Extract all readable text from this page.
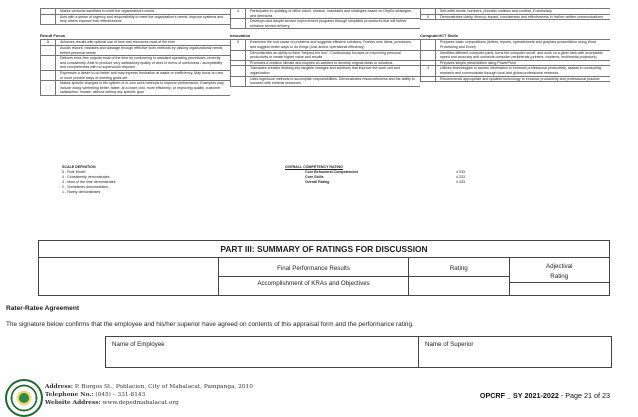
Makes personal sacrifices to meet the organization's needs
Acts with a sense of urgency and responsibility to meet the organization's needs, improve systems and help others improve their effectiveness
4	Participates in updating of office vision, mission, mandates and strategies based on DepEd strategies and directions
Develops and adopts service improvement programs through simplified procedures that will further enhance service delivery
Self-edits words, numbers, phonetic notation and content, if necessary
5	Demonstrates clarity, fluency, impact, conciseness and effectiveness in his/her written communications
Result Focus
5	Achieves results with optimal use of time and resources most of the time
Avoids rework, mistakes and wastage through effective work methods by placing organizational needs before personal needs
Delivers error-free outputs most of the time by conforming to standard operating procedures correctly and consistently. Able to produce very satisfactory quality of work in terms of usefulness / acceptability and completeness with no supervision required
Expresses a desire to do better and may express frustration at waste or inefficiency. May focus on new or more precise ways of meeting goals set
Makes specific changes in the system or in own work methods to improve performance. Examples may include doing something better, faster, at a lower cost, more efficiently; or improving quality, customer satisfaction, morale, without setting any specific goal
Innovation
5	Examines the root cause of problems and suggests effective solutions. Fosters new ideas, processes, and suggest better ways to do things (cost and/or operational efficiency)
Demonstrates an ability to think "beyond the box". Continuously focuses on improving personal productivity to create higher value and results
Promotes a creative climate and inspires co-workers to develop original ideas or solutions
Translates creative thinking into tangible changes and solutions that improve the work unit and organization
Uses ingenious methods to accomplish responsibilities. Demonstrates resourcefulness and the ability to succeed with minimal resources
Computer/ICT Skills
Prepares basic compositions (letters, reports, spreadsheets and graphics presentation using Word Processing and Excel)
Identifies different computer parts, turns the computer on/off, and work on a given task with acceptable speed and accuracy and connects computer peripherals (printers, modems, multimedia projectors)
Prepares simple presentation using PowerPoint
4	Utilizes technologies to access information to enhance professional productivity, assists in conducting research and communicate through local and global professional networks
Recommends appropriate and updated technology to enhance productivity and professional practice
SCALE DEFINITION
5 - Role Model
4 - Consistently demonstrates
3 - Most of the time demonstrates
2 - Sometimes demonstrates
1 - Rarely demonstrates
OVERALL COMPETENCY RATING
Core Behavioral Competencies	4.333
Core Skills	4.333
Overall Rating	4.333
PART III: SUMMARY OF RATINGS FOR DISCUSSION
Final Performance Results
Accomplishment of KRAs and Objectives
Rating	Adjectival
Rating
Rater-Ratee Agreement
The signature below confirms that the employee and his/her superior have agreed on contents of this appraisal form and the performance rating.
Name of Employee	Name of Superior
Address: P. Burgos St., Poblacion, City of Mabalacat, Pampanga, 2010
Telephone No.: (045) – 331-8143
Website Address: www.depedmabalacat.org
OPCRF _ SY 2021-2022 - Page 21 of 23
